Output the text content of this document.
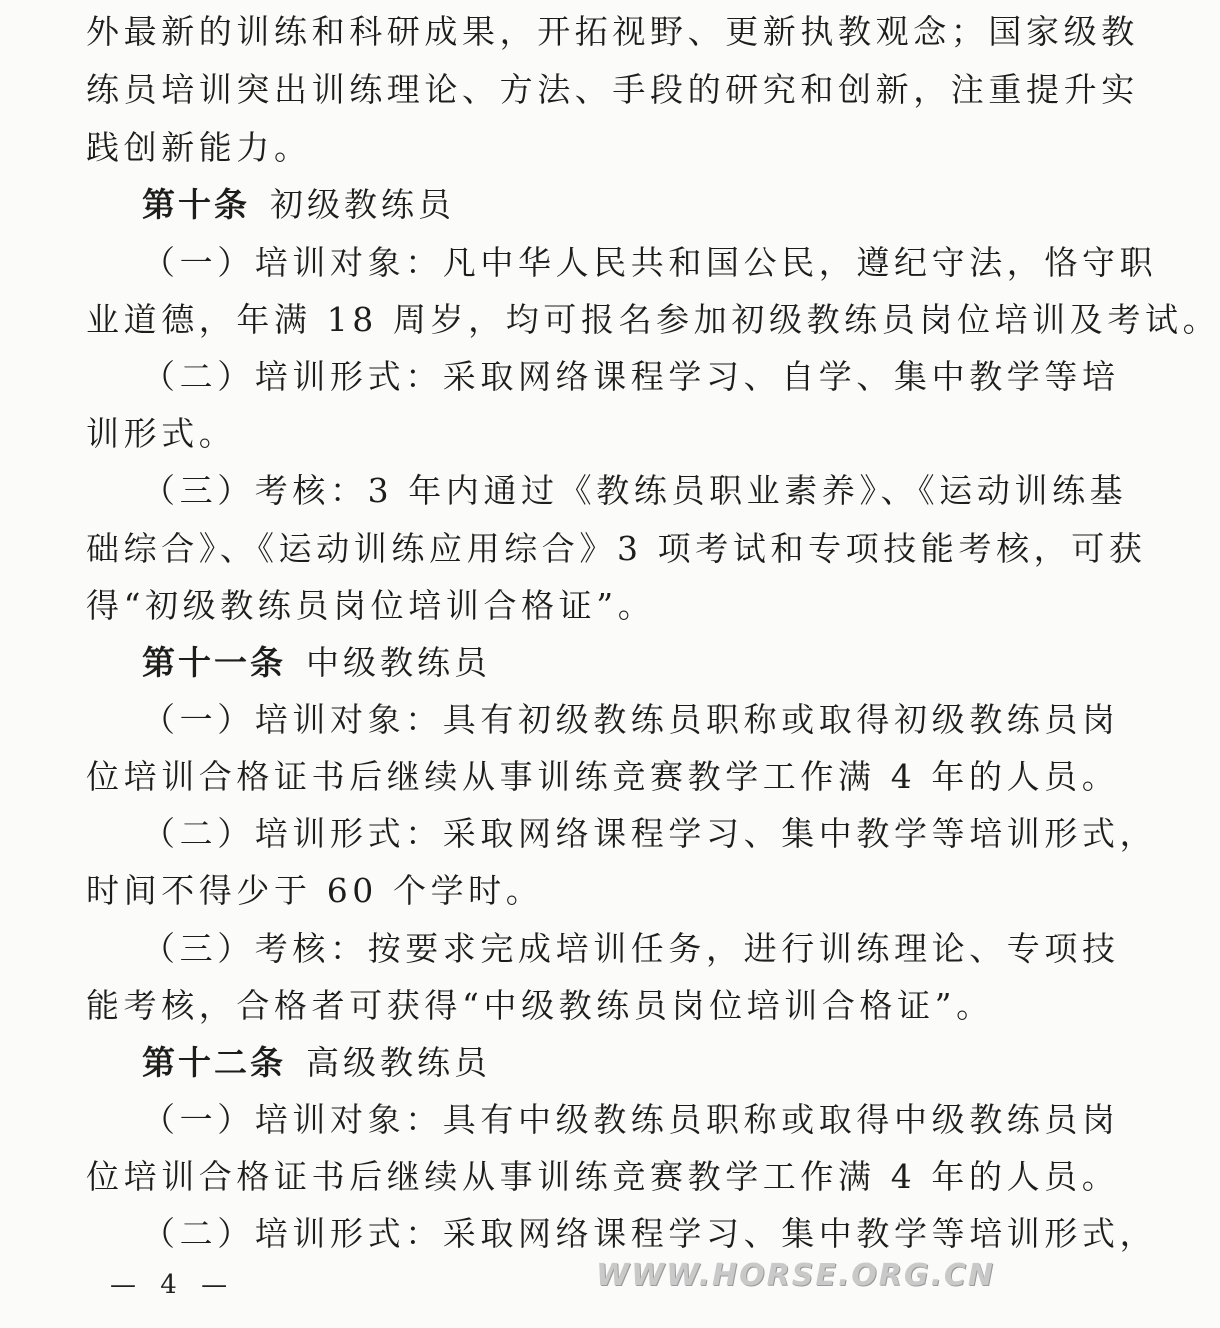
外最新的训练和科研成果，开拓视野、更新执教观念；国家级教
练员培训突出训练理论、方法、手段的研究和创新，注重提升实
践创新能力。
第十条 初级教练员
（一）培训对象：凡中华人民共和国公民，遵纪守法，恪守职
业道德，年满 18 周岁，均可报名参加初级教练员岗位培训及考试。
（二）培训形式：采取网络课程学习、自学、集中教学等培
训形式。
（三）考核：3 年内通过《教练员职业素养》、《运动训练基
础综合》、《运动训练应用综合》3 项考试和专项技能考核，可获
得“初级教练员岗位培训合格证”。
第十一条 中级教练员
（一）培训对象：具有初级教练员职称或取得初级教练员岗
位培训合格证书后继续从事训练竞赛教学工作满 4 年的人员。
（二）培训形式：采取网络课程学习、集中教学等培训形式，
时间不得少于 60 个学时。
（三）考核：按要求完成培训任务，进行训练理论、专项技
能考核，合格者可获得“中级教练员岗位培训合格证”。
第十二条 高级教练员
（一）培训对象：具有中级教练员职称或取得中级教练员岗
位培训合格证书后继续从事训练竞赛教学工作满 4 年的人员。
（二）培训形式：采取网络课程学习、集中教学等培训形式，
— 4 —	WWW.HORSE.ORG.CN
